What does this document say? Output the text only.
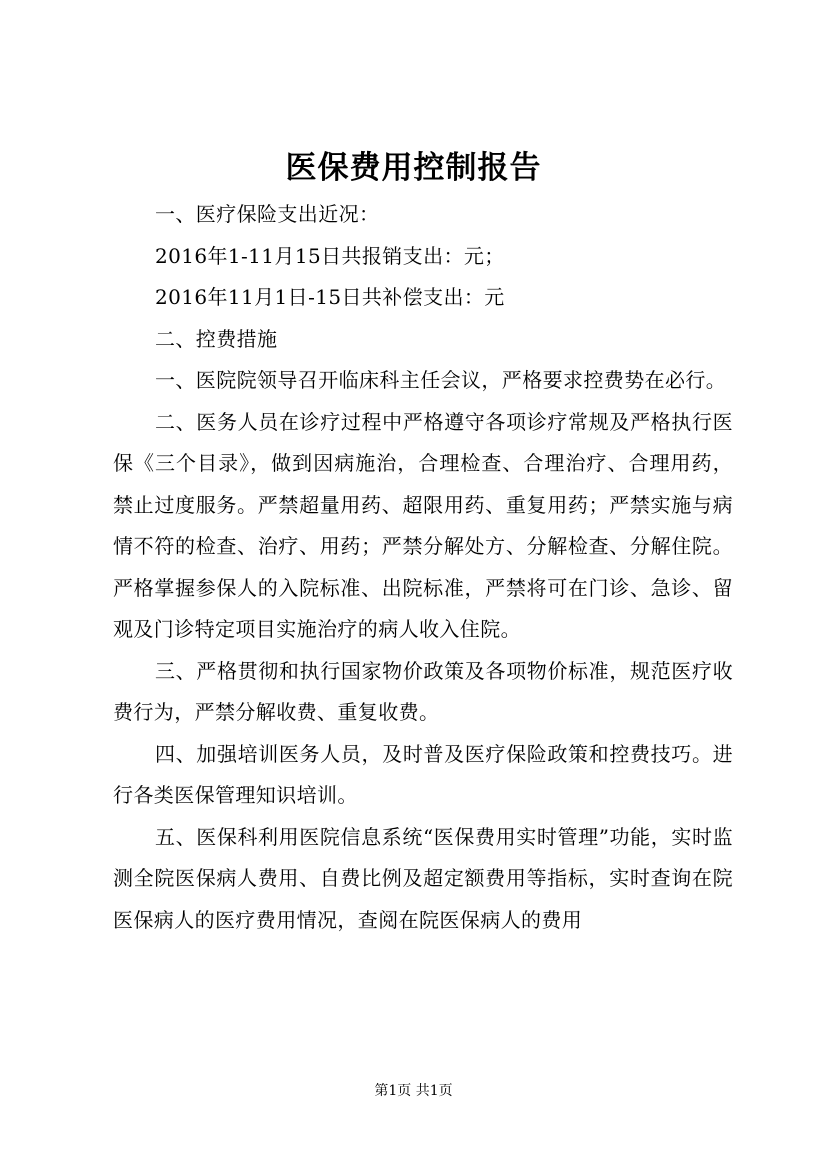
医保费用控制报告

一、医疗保险支出近况：

2016年1-11月15日共报销支出：元；

2016年11月1日-15日共补偿支出：元

二、控费措施

一、医院院领导召开临床科主任会议，严格要求控费势在必行。

二、医务人员在诊疗过程中严格遵守各项诊疗常规及严格执行医保《三个目录》，做到因病施治，合理检查、合理治疗、合理用药，禁止过度服务。严禁超量用药、超限用药、重复用药；严禁实施与病情不符的检查、治疗、用药；严禁分解处方、分解检查、分解住院。严格掌握参保人的入院标准、出院标准，严禁将可在门诊、急诊、留观及门诊特定项目实施治疗的病人收入住院。

三、严格贯彻和执行国家物价政策及各项物价标准，规范医疗收费行为，严禁分解收费、重复收费。

四、加强培训医务人员，及时普及医疗保险政策和控费技巧。进行各类医保管理知识培训。

五、医保科利用医院信息系统“医保费用实时管理”功能，实时监测全院医保病人费用、自费比例及超定额费用等指标，实时查询在院医保病人的医疗费用情况，查阅在院医保病人的费用

第1页 共1页
